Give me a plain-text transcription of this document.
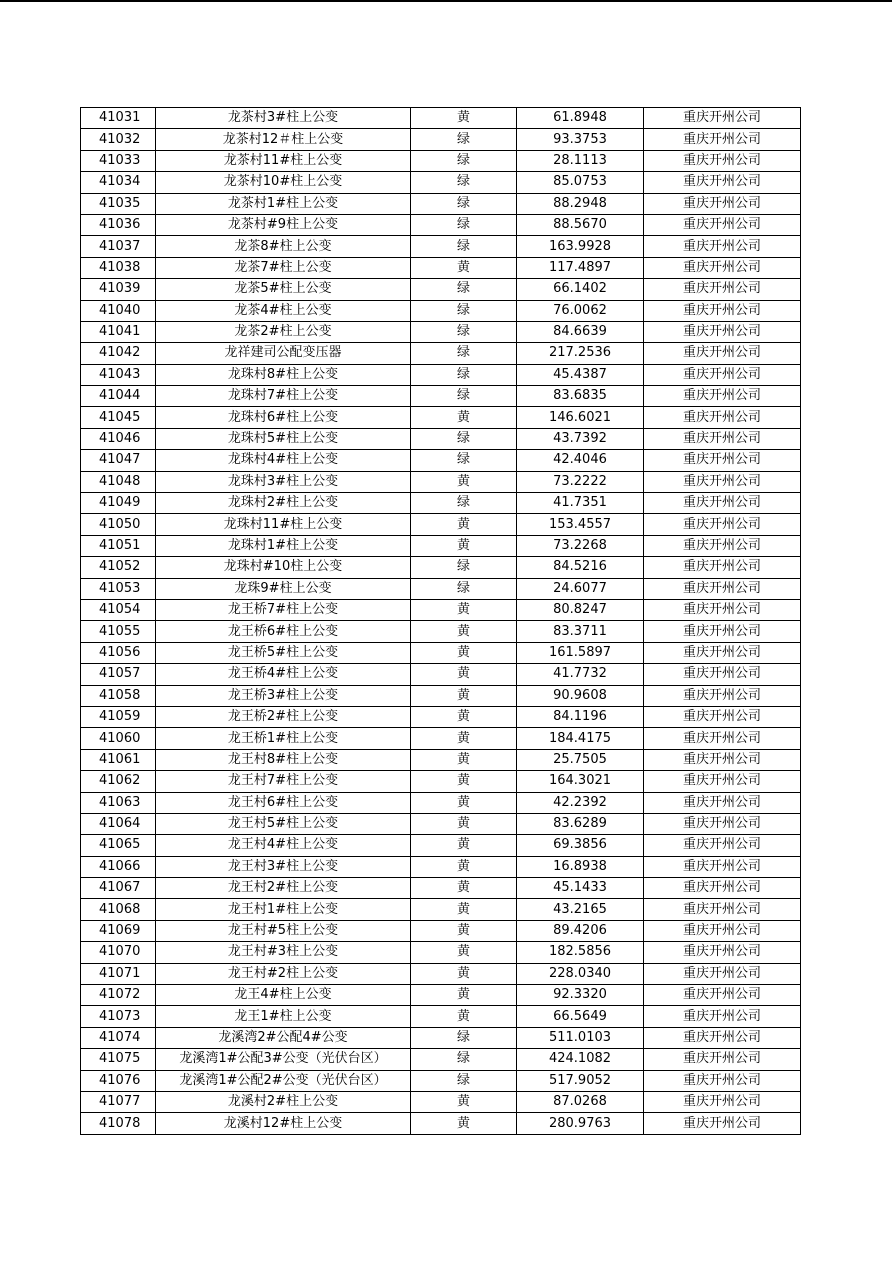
41031	龙茶村3#柱上公变	黄	61.8948	重庆开州公司
41032	龙茶村12＃柱上公变	绿	93.3753	重庆开州公司
41033	龙茶村11#柱上公变	绿	28.1113	重庆开州公司
41034	龙茶村10#柱上公变	绿	85.0753	重庆开州公司
41035	龙茶村1#柱上公变	绿	88.2948	重庆开州公司
41036	龙茶村#9柱上公变	绿	88.5670	重庆开州公司
41037	龙茶8#柱上公变	绿	163.9928	重庆开州公司
41038	龙茶7#柱上公变	黄	117.4897	重庆开州公司
41039	龙茶5#柱上公变	绿	66.1402	重庆开州公司
41040	龙茶4#柱上公变	绿	76.0062	重庆开州公司
41041	龙茶2#柱上公变	绿	84.6639	重庆开州公司
41042	龙祥建司公配变压器	绿	217.2536	重庆开州公司
41043	龙珠村8#柱上公变	绿	45.4387	重庆开州公司
41044	龙珠村7#柱上公变	绿	83.6835	重庆开州公司
41045	龙珠村6#柱上公变	黄	146.6021	重庆开州公司
41046	龙珠村5#柱上公变	绿	43.7392	重庆开州公司
41047	龙珠村4#柱上公变	绿	42.4046	重庆开州公司
41048	龙珠村3#柱上公变	黄	73.2222	重庆开州公司
41049	龙珠村2#柱上公变	绿	41.7351	重庆开州公司
41050	龙珠村11#柱上公变	黄	153.4557	重庆开州公司
41051	龙珠村1#柱上公变	黄	73.2268	重庆开州公司
41052	龙珠村#10柱上公变	绿	84.5216	重庆开州公司
41053	龙珠9#柱上公变	绿	24.6077	重庆开州公司
41054	龙王桥7#柱上公变	黄	80.8247	重庆开州公司
41055	龙王桥6#柱上公变	黄	83.3711	重庆开州公司
41056	龙王桥5#柱上公变	黄	161.5897	重庆开州公司
41057	龙王桥4#柱上公变	黄	41.7732	重庆开州公司
41058	龙王桥3#柱上公变	黄	90.9608	重庆开州公司
41059	龙王桥2#柱上公变	黄	84.1196	重庆开州公司
41060	龙王桥1#柱上公变	黄	184.4175	重庆开州公司
41061	龙王村8#柱上公变	黄	25.7505	重庆开州公司
41062	龙王村7#柱上公变	黄	164.3021	重庆开州公司
41063	龙王村6#柱上公变	黄	42.2392	重庆开州公司
41064	龙王村5#柱上公变	黄	83.6289	重庆开州公司
41065	龙王村4#柱上公变	黄	69.3856	重庆开州公司
41066	龙王村3#柱上公变	黄	16.8938	重庆开州公司
41067	龙王村2#柱上公变	黄	45.1433	重庆开州公司
41068	龙王村1#柱上公变	黄	43.2165	重庆开州公司
41069	龙王村#5柱上公变	黄	89.4206	重庆开州公司
41070	龙王村#3柱上公变	黄	182.5856	重庆开州公司
41071	龙王村#2柱上公变	黄	228.0340	重庆开州公司
41072	龙王4#柱上公变	黄	92.3320	重庆开州公司
41073	龙王1#柱上公变	黄	66.5649	重庆开州公司
41074	龙溪湾2#公配4#公变	绿	511.0103	重庆开州公司
41075	龙溪湾1#公配3#公变（光伏台区）	绿	424.1082	重庆开州公司
41076	龙溪湾1#公配2#公变（光伏台区）	绿	517.9052	重庆开州公司
41077	龙溪村2#柱上公变	黄	87.0268	重庆开州公司
41078	龙溪村12#柱上公变	黄	280.9763	重庆开州公司
